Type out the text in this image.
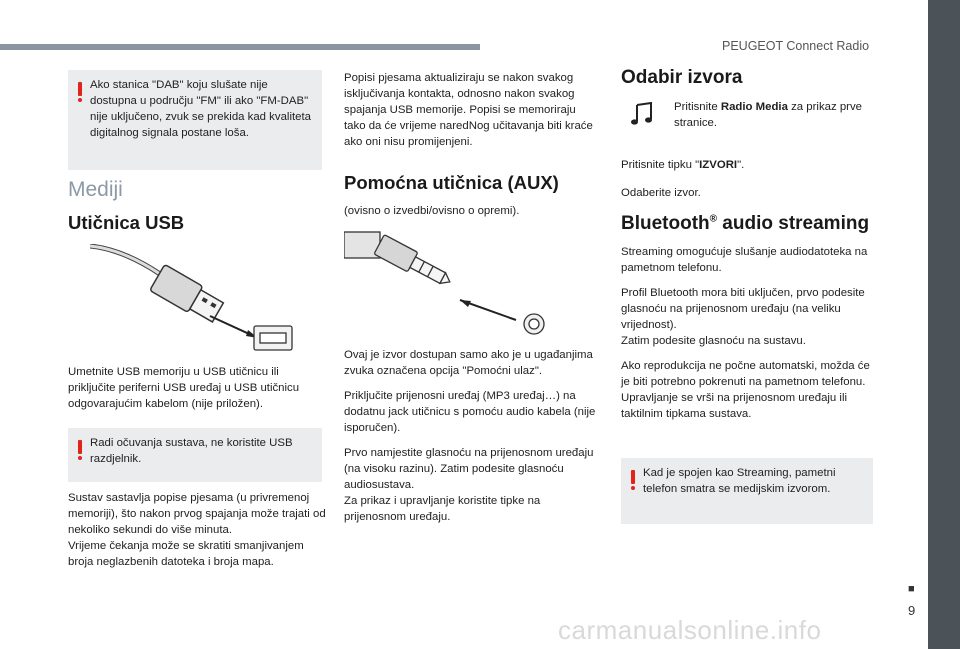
PEUGEOT Connect Radio
■
9
carmanualsonline.info
Ako stanica "DAB" koju slušate nije dostupna u području "FM" ili ako "FM-DAB" nije uključeno, zvuk se prekida kad kvaliteta digitalnog signala postane loša.
Mediji
Utičnica USB

Umetnite USB memoriju u USB utičnicu ili priključite periferni USB uređaj u USB utičnicu odgovarajućim kabelom (nije priložen).

Radi očuvanja sustava, ne koristite USB razdjelnik.

Sustav sastavlja popise pjesama (u privremenoj memoriji), što nakon prvog spajanja može trajati od nekoliko sekundi do više minuta.
Vrijeme čekanja može se skratiti smanjivanjem broja neglazbenih datoteka i broja mapa.

Popisi pjesama aktualiziraju se nakon svakog isključivanja kontakta, odnosno nakon svakog spajanja USB memorije. Popisi se memoriraju tako da će vrijeme naredNog učitavanja biti kraće ako oni nisu promijenjeni.

Pomoćna utičnica (AUX)

(ovisno o izvedbi/ovisno o opremi).

Ovaj je izvor dostupan samo ako je u ugađanjima zvuka označena opcija "Pomoćni ulaz".

Priključite prijenosni uređaj (MP3 uređaj…) na dodatnu jack utičnicu s pomoću audio kabela (nije isporučen).

Prvo namjestite glasnoću na prijenosnom uređaju (na visoku razinu). Zatim podesite glasnoću audiosustava.
Za prikaz i upravljanje koristite tipke na prijenosnom uređaju.

Odabir izvora

Pritisnite Radio Media za prikaz prve stranice.

Pritisnite tipku "IZVORI".

Odaberite izvor.

Bluetooth® audio streaming

Streaming omogućuje slušanje audiodatoteka na pametnom telefonu.

Profil Bluetooth mora biti uključen, prvo podesite glasnoću na prijenosnom uređaju (na veliku vrijednost).
Zatim podesite glasnoću na sustavu.

Ako reprodukcija ne počne automatski, možda će je biti potrebno pokrenuti na pametnom telefonu.
Upravljanje se vrši na prijenosnom uređaju ili taktilnim tipkama sustava.

Kad je spojen kao Streaming, pametni telefon smatra se medijskim izvorom.
